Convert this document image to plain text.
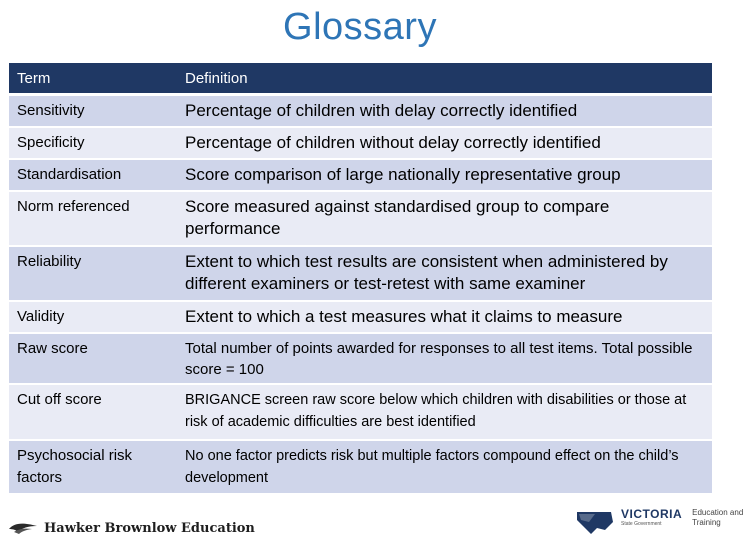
Glossary
Term	Definition
Sensitivity	Percentage of children with delay correctly identified
Specificity	Percentage of children without delay correctly identified
Standardisation	Score comparison of large nationally representative group
Norm referenced	Score measured against standardised group to compare performance
Reliability	Extent to which test results are consistent when administered by different examiners or test-retest with same examiner
Validity	Extent to which a test measures what it claims to measure
Raw score	Total number of points awarded for responses to all test items. Total possible score = 100
Cut off score	BRIGANCE screen raw score below which children with disabilities or those at risk of academic difficulties are best identified
Psychosocial risk factors	No one factor predicts risk but multiple factors compound effect on the child’s development
Hawker Brownlow Education
VICTORIA
State Government
Education and Training
